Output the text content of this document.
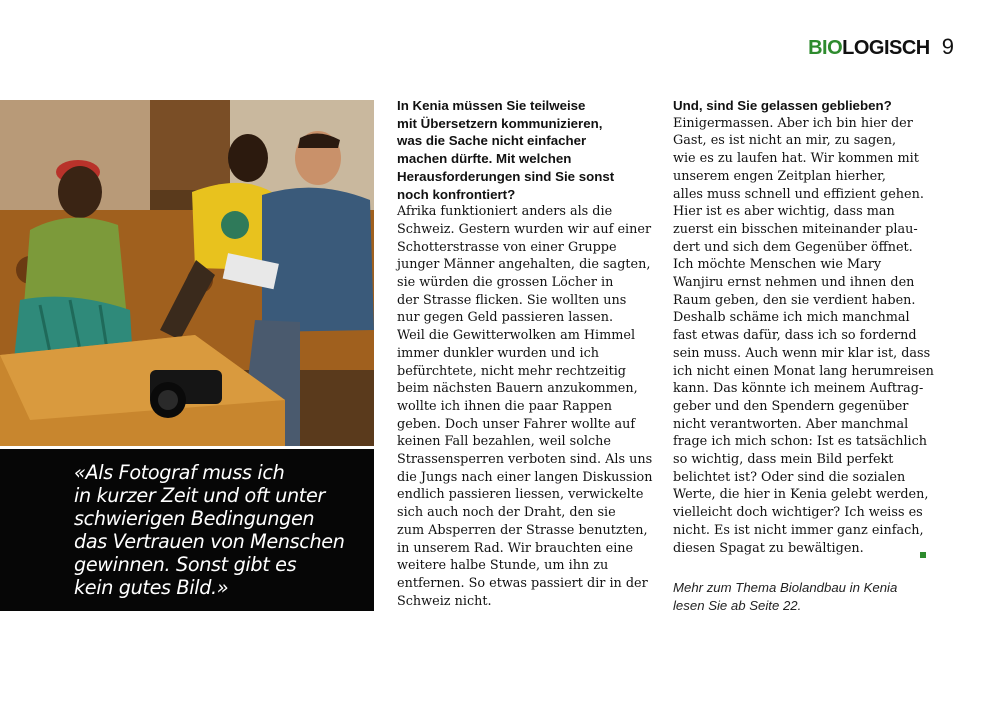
BIO LOGISCH 9

«Als Fotograf muss ich
in kurzer Zeit und oft unter
schwierigen Bedingungen
das Vertrauen von Menschen
gewinnen. Sonst gibt es
kein gutes Bild.»

In Kenia müssen Sie teilweise
mit Übersetzern kommunizieren,
was die Sache nicht einfacher
machen dürfte. Mit welchen
Herausforderungen sind Sie sonst
noch konfrontiert?
Afrika funktioniert anders als die
Schweiz. Gestern wurden wir auf einer
Schotterstrasse von einer Gruppe
junger Männer angehalten, die sagten,
sie würden die grossen Löcher in
der Strasse flicken. Sie wollten uns
nur gegen Geld passieren lassen.
Weil die Gewitterwolken am Himmel
immer dunkler wurden und ich
befürchtete, nicht mehr rechtzeitig
beim nächsten Bauern anzukommen,
wollte ich ihnen die paar Rappen
geben. Doch unser Fahrer wollte auf
keinen Fall bezahlen, weil solche
Strassensperren verboten sind. Als uns
die Jungs nach einer langen Diskussion
endlich passieren liessen, verwickelte
sich auch noch der Draht, den sie
zum Absperren der Strasse benutzten,
in unserem Rad. Wir brauchten eine
weitere halbe Stunde, um ihn zu
entfernen. So etwas passiert dir in der
Schweiz nicht.
Und, sind Sie gelassen geblieben?
Einigermassen. Aber ich bin hier der
Gast, es ist nicht an mir, zu sagen,
wie es zu laufen hat. Wir kommen mit
unserem engen Zeitplan hierher,
alles muss schnell und effizient gehen.
Hier ist es aber wichtig, dass man
zuerst ein bisschen miteinander plau-
dert und sich dem Gegenüber öffnet.
Ich möchte Menschen wie Mary
Wanjiru ernst nehmen und ihnen den
Raum geben, den sie verdient haben.
Deshalb schäme ich mich manchmal
fast etwas dafür, dass ich so fordernd
sein muss. Auch wenn mir klar ist, dass
ich nicht einen Monat lang herumreisen
kann. Das könnte ich meinem Auftrag-
geber und den Spendern gegenüber
nicht verantworten. Aber manchmal
frage ich mich schon: Ist es tatsächlich
so wichtig, dass mein Bild perfekt
belichtet ist? Oder sind die sozialen
Werte, die hier in Kenia gelebt werden,
vielleicht doch wichtiger? Ich weiss es
nicht. Es ist nicht immer ganz einfach,
diesen Spagat zu bewältigen.
Mehr zum Thema Biolandbau in Kenia
lesen Sie ab Seite 22.
